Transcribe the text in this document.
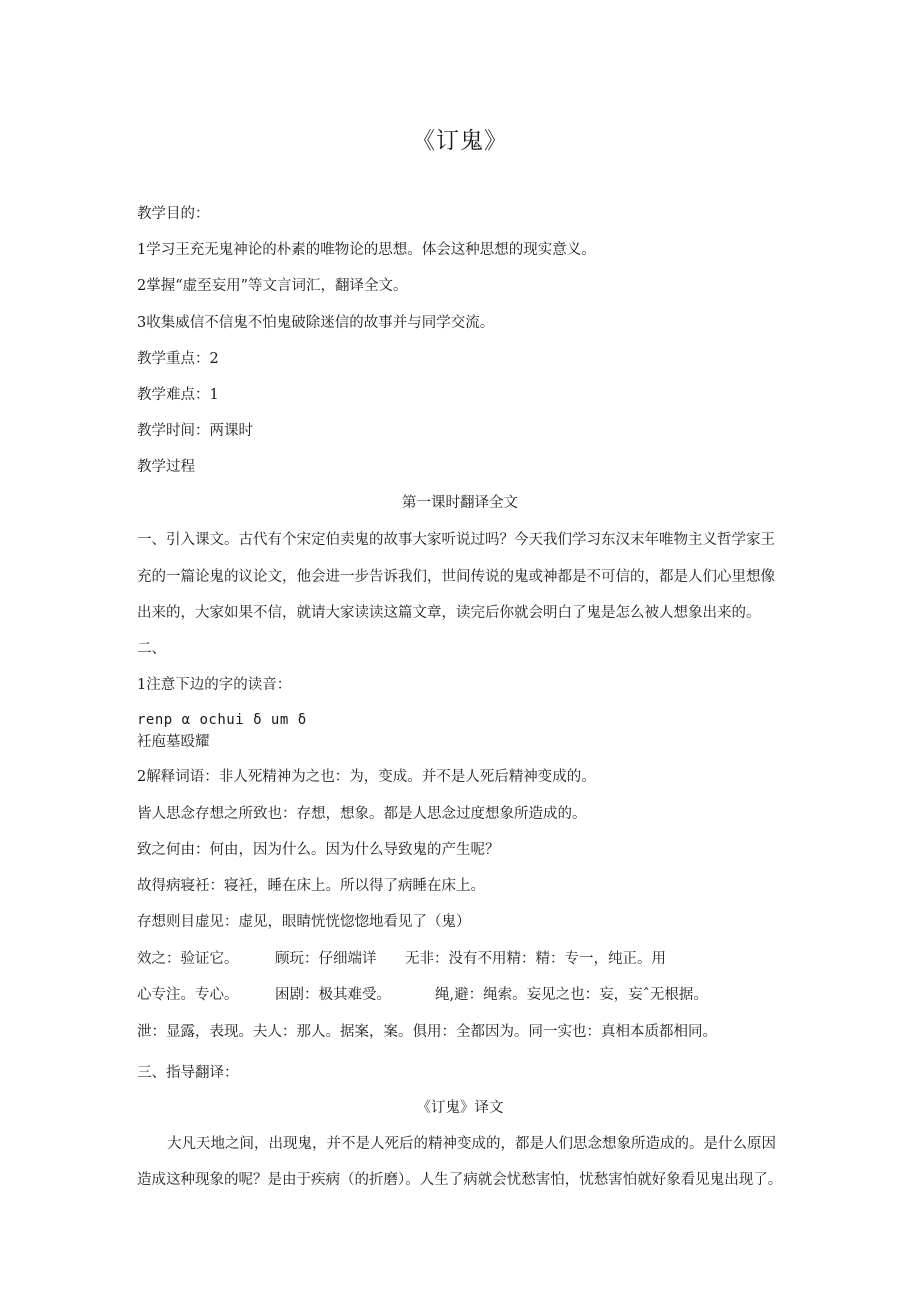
《订鬼》
教学目的：
1学习王充无鬼神论的朴素的唯物论的思想。体会这种思想的现实意义。
2掌握“虚至妄用”等文言词汇，翻译全文。
3收集威信不信鬼不怕鬼破除迷信的故事并与同学交流。
教学重点：2
教学难点：1
教学时间：两课时
教学过程
第一课时翻译全文
一、引入课文。古代有个宋定伯卖鬼的故事大家听说过吗？今天我们学习东汉末年唯物主义哲学家王
充的一篇论鬼的议论文，他会进一步告诉我们，世间传说的鬼或神都是不可信的，都是人们心里想像
出来的，大家如果不信，就请大家读读这篇文章，读完后你就会明白了鬼是怎么被人想象出来的。
二、
1注意下边的字的读音：
renp α ochui δ um δ
衽庖墓殴耀
2解释词语：非人死精神为之也：为，变成。并不是人死后精神变成的。
皆人思念存想之所致也：存想，想象。都是人思念过度想象所造成的。
致之何由：何由，因为什么。因为什么导致鬼的产生呢？
故得病寝衽：寝衽，睡在床上。所以得了病睡在床上。
存想则目虚见：虚见，眼睛恍恍惚惚地看见了（鬼）
效之：验证它。	顾玩：仔细端详 无非：没有不用精：精：专一，纯正。用
心专注。专心。	困剧：极其难受。	绳,避：绳索。妄见之也：妄，妄ˆ无根据。
泄：显露，表现。夫人：那人。据案，案。俱用：全都因为。同一实也：真相本质都相同。
三、指导翻译：
《订鬼》译文
大凡天地之间，出现鬼，并不是人死后的精神变成的，都是人们思念想象所造成的。是什么原因
造成这种现象的呢？是由于疾病（的折磨）。人生了病就会忧愁害怕，忧愁害怕就好象看见鬼出现了。
